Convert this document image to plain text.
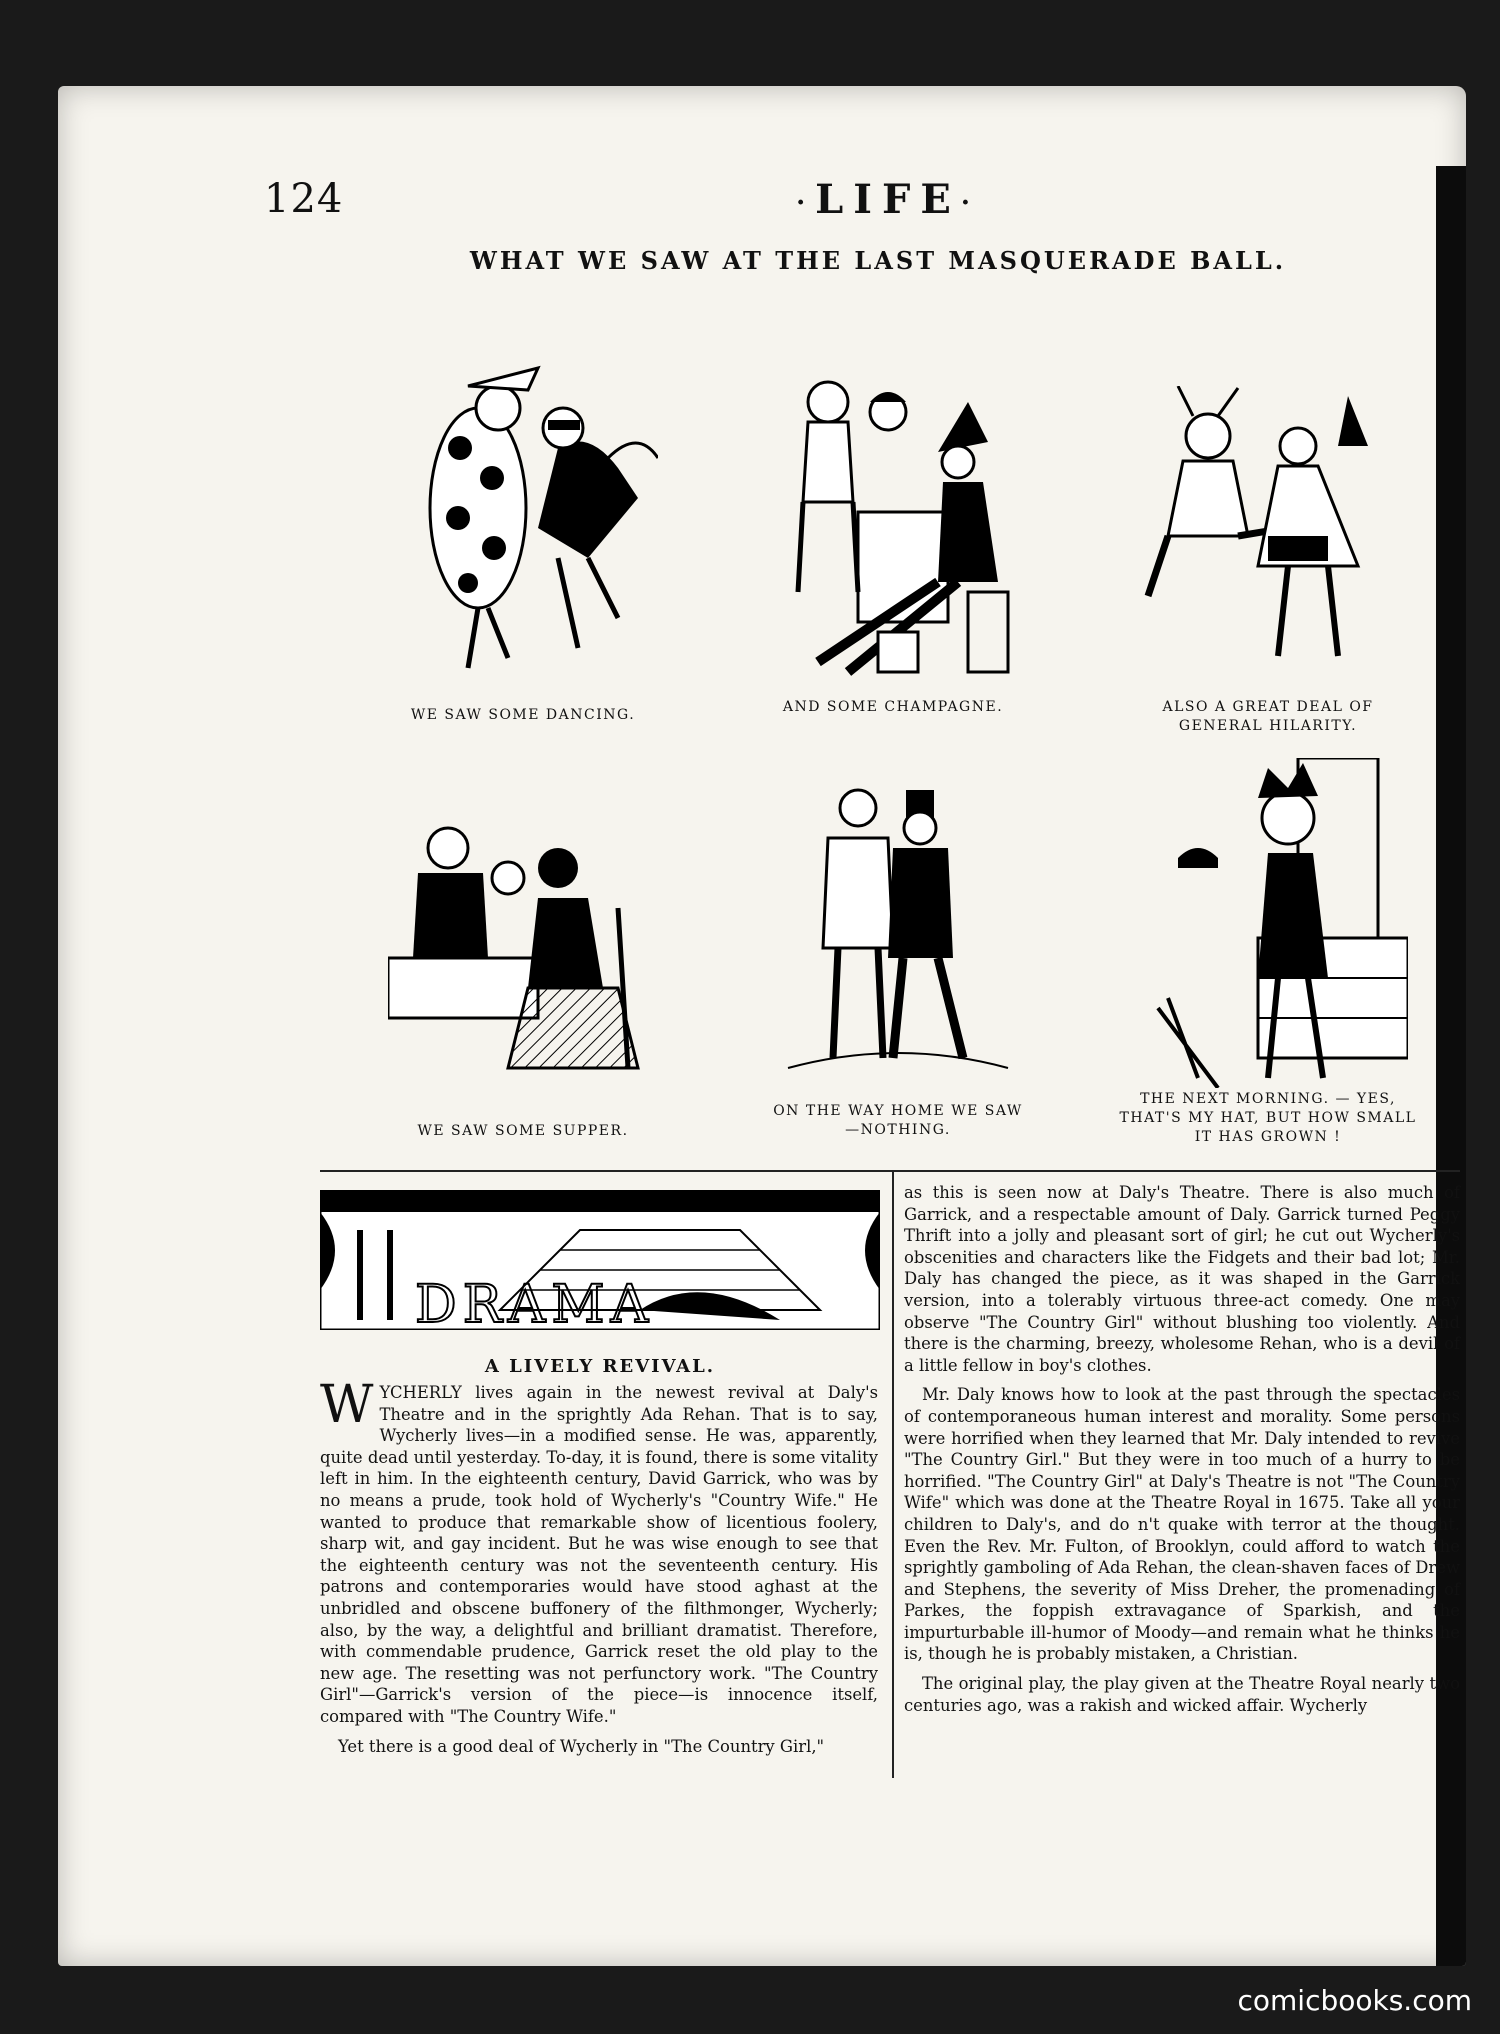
124	·LIFE·
WHAT WE SAW AT THE LAST MASQUERADE BALL.
WE SAW SOME DANCING.	AND SOME CHAMPAGNE.	ALSO A GREAT DEAL OF GENERAL HILARITY.
WE SAW SOME SUPPER.
ON THE WAY HOME WE SAW—NOTHING.
THE NEXT MORNING. — YES, THAT'S MY HAT, BUT HOW SMALL IT HAS GROWN !
DRAMA
A LIVELY REVIVAL.

WYCHERLY lives again in the newest revival at Daly's Theatre and in the sprightly Ada Rehan. That is to say, Wycherly lives—in a modified sense. He was, apparently, quite dead until yesterday. To-day, it is found, there is some vitality left in him. In the eighteenth century, David Garrick, who was by no means a prude, took hold of Wycherly's "Country Wife." He wanted to produce that remarkable show of licentious foolery, sharp wit, and gay incident. But he was wise enough to see that the eighteenth century was not the seventeenth century. His patrons and contemporaries would have stood aghast at the unbridled and obscene buffonery of the filthmonger, Wycherly; also, by the way, a delightful and brilliant dramatist. Therefore, with commendable prudence, Garrick reset the old play to the new age. The resetting was not perfunctory work. "The Country Girl"—Garrick's version of the piece—is innocence itself, compared with "The Country Wife."

Yet there is a good deal of Wycherly in "The Country Girl,"

as this is seen now at Daly's Theatre. There is also much of Garrick, and a respectable amount of Daly. Garrick turned Peggy Thrift into a jolly and pleasant sort of girl; he cut out Wycherly's obscenities and characters like the Fidgets and their bad lot; Mr. Daly has changed the piece, as it was shaped in the Garrick version, into a tolerably virtuous three-act comedy. One may observe "The Country Girl" without blushing too violently. And there is the charming, breezy, wholesome Rehan, who is a devil of a little fellow in boy's clothes.

Mr. Daly knows how to look at the past through the spectacles of contemporaneous human interest and morality. Some persons were horrified when they learned that Mr. Daly intended to revive "The Country Girl." But they were in too much of a hurry to be horrified. "The Country Girl" at Daly's Theatre is not "The Country Wife" which was done at the Theatre Royal in 1675. Take all your children to Daly's, and do n't quake with terror at the thought. Even the Rev. Mr. Fulton, of Brooklyn, could afford to watch the sprightly gamboling of Ada Rehan, the clean-shaven faces of Drew and Stephens, the severity of Miss Dreher, the promenading of Parkes, the foppish extravagance of Sparkish, and the impurturbable ill-humor of Moody—and remain what he thinks he is, though he is probably mistaken, a Christian.

The original play, the play given at the Theatre Royal nearly two centuries ago, was a rakish and wicked affair. Wycherly

comicbooks.com
